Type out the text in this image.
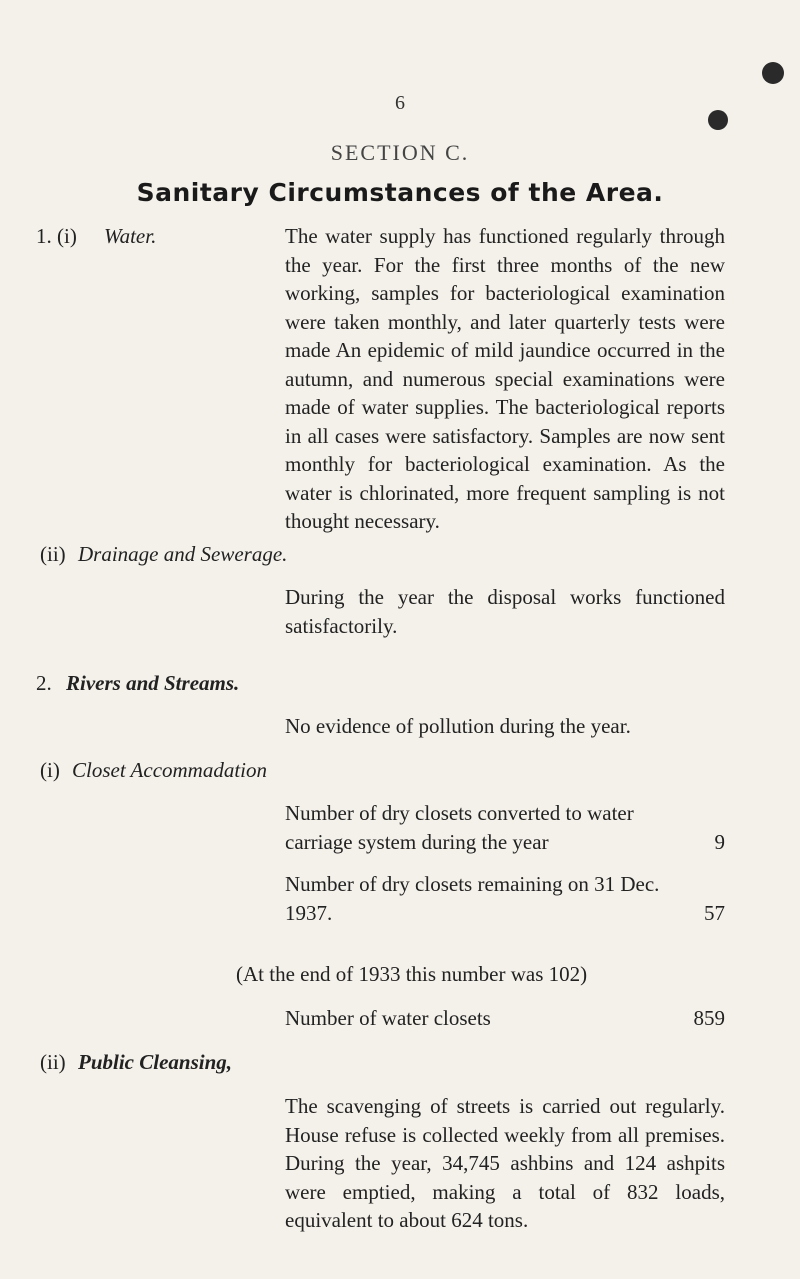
6
SECTION C.
Sanitary Circumstances of the Area.
1. (i) Water.	The water supply has functioned regularly through the year. For the first three months of the new working, samples for bacteriological examination were taken monthly, and later quarterly tests were made An epidemic of mild jaundice occurred in the autumn, and numerous special examinations were made of water supplies. The bacteriological reports in all cases were satisfactory. Samples are now sent monthly for bacteriological examination. As the water is chlorinated, more frequent sampling is not thought necessary.
(ii) Drainage and Sewerage.
During the year the disposal works functioned satisfactorily.
2. Rivers and Streams.
No evidence of pollution during the year.
(i) Closet Accommadation
Number of dry closets converted to water
carriage system during the year	9
Number of dry closets remaining on 31 Dec.
1937.	57
(At the end of 1933 this number was 102)
Number of water closets	859
(ii) Public Cleansing,
The scavenging of streets is carried out regularly. House refuse is collected weekly from all premises. During the year, 34,745 ashbins and 124 ashpits were emptied, making a total of 832 loads, equivalent to about 624 tons.
